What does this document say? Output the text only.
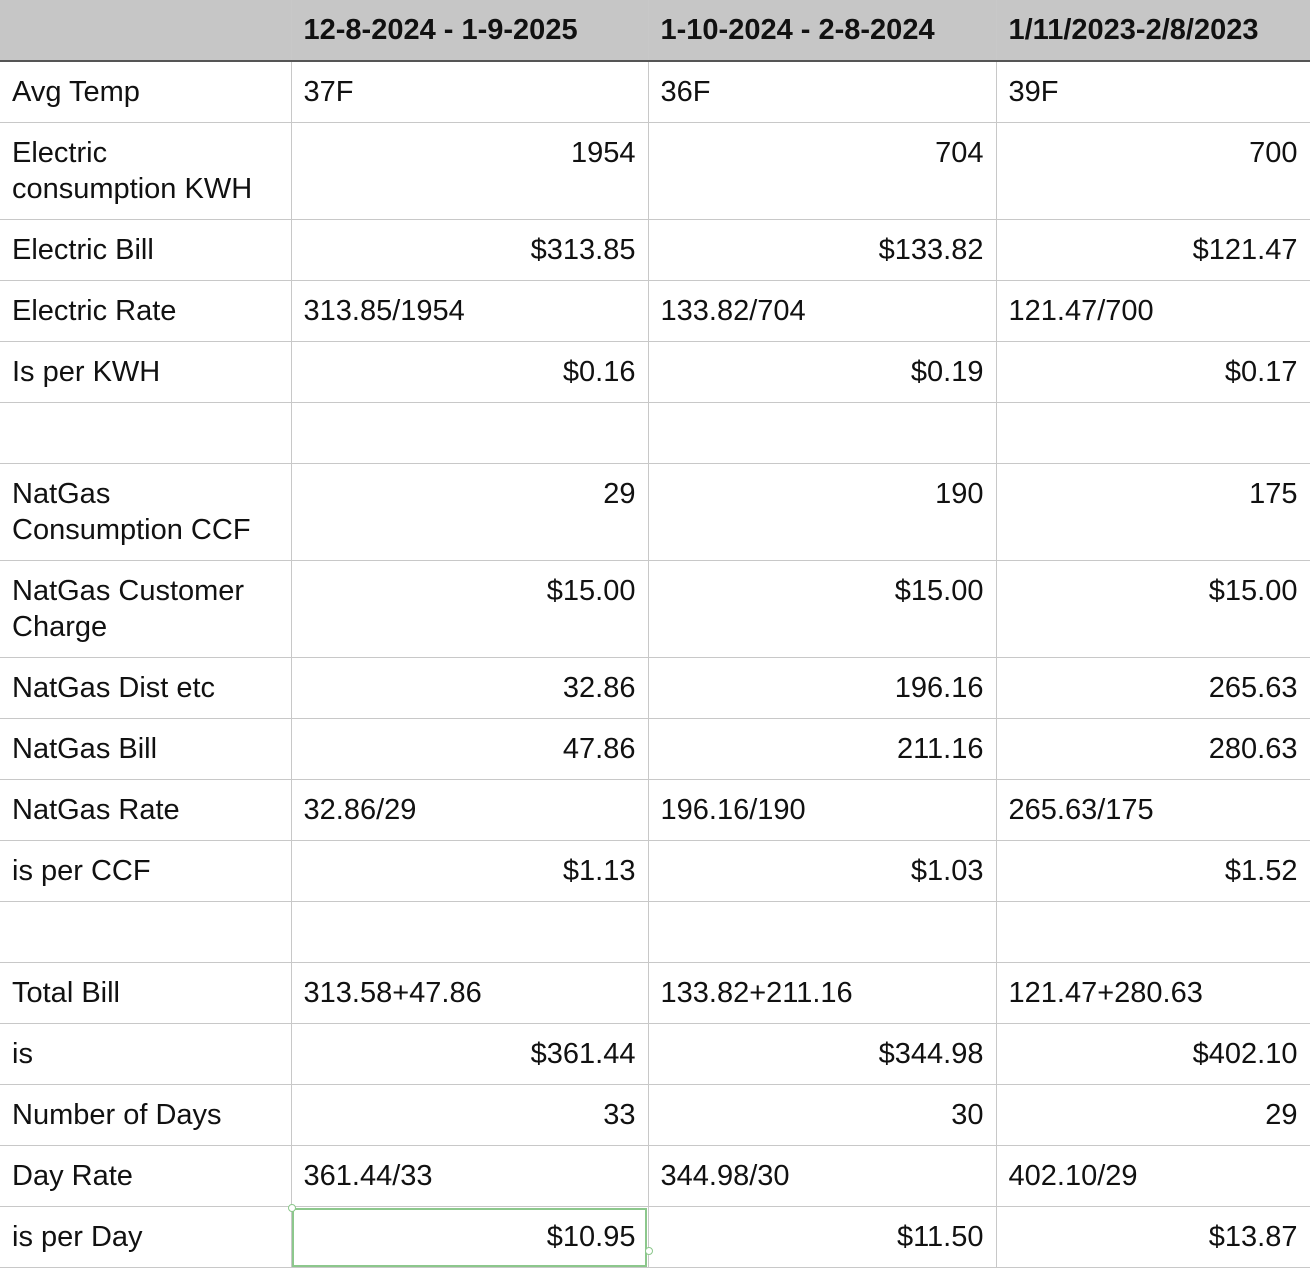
	12-8-2024 - 1-9-2025	1-10-2024 - 2-8-2024	1/11/2023-2/8/2023
Avg Temp	37F	36F	39F
Electric consumption KWH	1954	704	700
Electric Bill	$313.85	$133.82	$121.47
Electric Rate	313.85/1954	133.82/704	121.47/700
Is per KWH	$0.16	$0.19	$0.17

NatGas Consumption CCF	29	190	175
NatGas Customer Charge	$15.00	$15.00	$15.00
NatGas Dist etc	32.86	196.16	265.63
NatGas Bill	47.86	211.16	280.63
NatGas Rate	32.86/29	196.16/190	265.63/175
is per CCF	$1.13	$1.03	$1.52

Total Bill	313.58+47.86	133.82+211.16	121.47+280.63
is	$361.44	$344.98	$402.10
Number of Days	33	30	29
Day Rate	361.44/33	344.98/30	402.10/29
is per Day	$10.95	$11.50	$13.87
